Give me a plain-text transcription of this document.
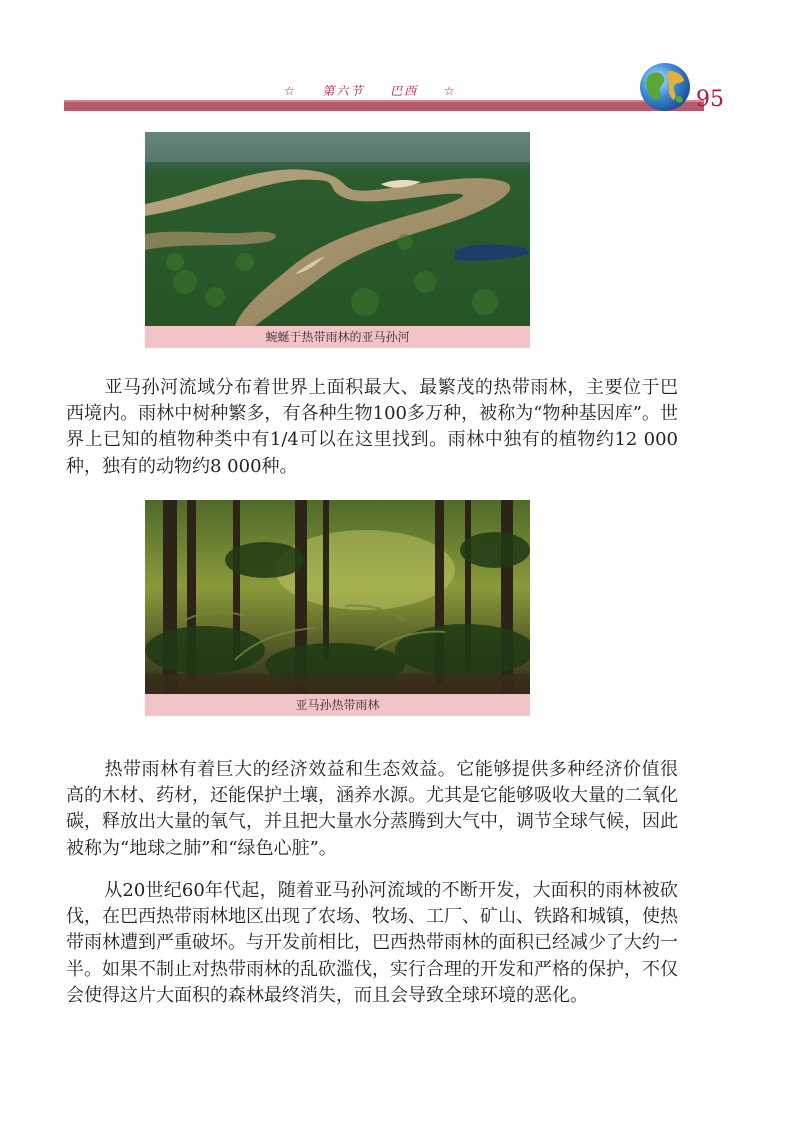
☆ 第六节 巴西 ☆	95
蜿蜒于热带雨林的亚马孙河
亚马孙河流域分布着世界上面积最大、最繁茂的热带雨林，主要位于巴西境内。雨林中树种繁多，有各种生物100多万种，被称为“物种基因库”。世界上已知的植物种类中有1/4可以在这里找到。雨林中独有的植物约12 000种，独有的动物约8 000种。
亚马孙热带雨林
热带雨林有着巨大的经济效益和生态效益。它能够提供多种经济价值很高的木材、药材，还能保护土壤，涵养水源。尤其是它能够吸收大量的二氧化碳，释放出大量的氧气，并且把大量水分蒸腾到大气中，调节全球气候，因此被称为“地球之肺”和“绿色心脏”。
从20世纪60年代起，随着亚马孙河流域的不断开发，大面积的雨林被砍伐，在巴西热带雨林地区出现了农场、牧场、工厂、矿山、铁路和城镇，使热带雨林遭到严重破坏。与开发前相比，巴西热带雨林的面积已经减少了大约一半。如果不制止对热带雨林的乱砍滥伐，实行合理的开发和严格的保护，不仅会使得这片大面积的森林最终消失，而且会导致全球环境的恶化。
